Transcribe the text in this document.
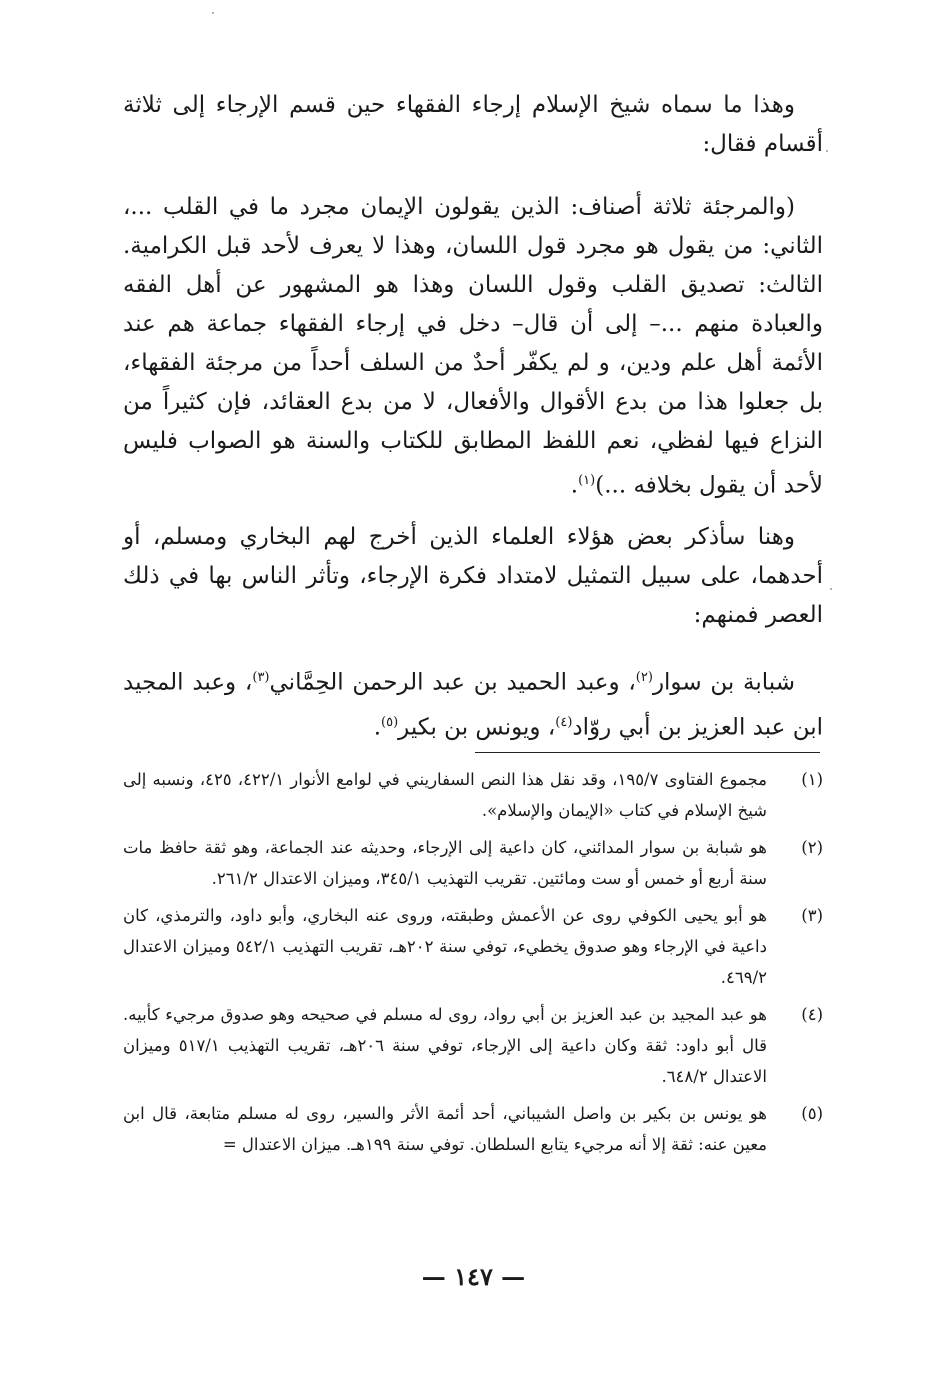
وهذا ما سماه شيخ الإسلام إرجاء الفقهاء حين قسم الإرجاء إلى ثلاثة أقسام فقال:

(والمرجئة ثلاثة أصناف: الذين يقولون الإيمان مجرد ما في القلب ...، الثاني: من يقول هو مجرد قول اللسان، وهذا لا يعرف لأحد قبل الكرامية. الثالث: تصديق القلب وقول اللسان وهذا هو المشهور عن أهل الفقه والعبادة منهم ...– إلى أن قال– دخل في إرجاء الفقهاء جماعة هم عند الأئمة أهل علم ودين، و لم يكفّر أحدٌ من السلف أحداً من مرجئة الفقهاء، بل جعلوا هذا من بدع الأقوال والأفعال، لا من بدع العقائد، فإن كثيراً من النزاع فيها لفظي، نعم اللفظ المطابق للكتاب والسنة هو الصواب فليس لأحد أن يقول بخلافه ...)$^{(١)}$.

وهنا سأذكر بعض هؤلاء العلماء الذين أخرج لهم البخاري ومسلم، أو أحدهما، على سبيل التمثيل لامتداد فكرة الإرجاء، وتأثر الناس بها في ذلك العصر فمنهم:

شبابة بن سوار$^{(٢)}$، وعبد الحميد بن عبد الرحمن الحِمَّاني$^{(٣)}$، وعبد المجيد ابن عبد العزيز بن أبي روّاد$^{(٤)}$، ويونس بن بكير$^{(٥)}$.

(١)
مجموع الفتاوى ١٩٥/٧، وقد نقل هذا النص السفاريني في لوامع الأنوار ٤٢٢/١، ٤٢٥، ونسبه إلى شيخ الإسلام في كتاب «الإيمان والإسلام».
(٢)
هو شبابة بن سوار المدائني، كان داعية إلى الإرجاء، وحديثه عند الجماعة، وهو ثقة حافظ مات سنة أربع أو خمس أو ست ومائتين. تقريب التهذيب ٣٤٥/١، وميزان الاعتدال ٢٦١/٢.
(٣)
هو أبو يحيى الكوفي روى عن الأعمش وطبقته، وروى عنه البخاري، وأبو داود، والترمذي، كان داعية في الإرجاء وهو صدوق يخطيء، توفي سنة ٢٠٢هـ، تقريب التهذيب ٥٤٢/١ وميزان الاعتدال ٤٦٩/٢.
(٤)
هو عبد المجيد بن عبد العزيز بن أبي رواد، روى له مسلم في صحيحه وهو صدوق مرجيء كأبيه. قال أبو داود: ثقة وكان داعية إلى الإرجاء، توفي سنة ٢٠٦هـ، تقريب التهذيب ٥١٧/١ وميزان الاعتدال ٦٤٨/٢.
(٥)
هو يونس بن بكير بن واصل الشيباني، أحد أئمة الأثر والسير، روى له مسلم متابعة، قال ابن معين عنه: ثقة إلا أنه مرجيء يتابع السلطان. توفي سنة ١٩٩هـ. ميزان الاعتدال =
— ١٤٧ —
